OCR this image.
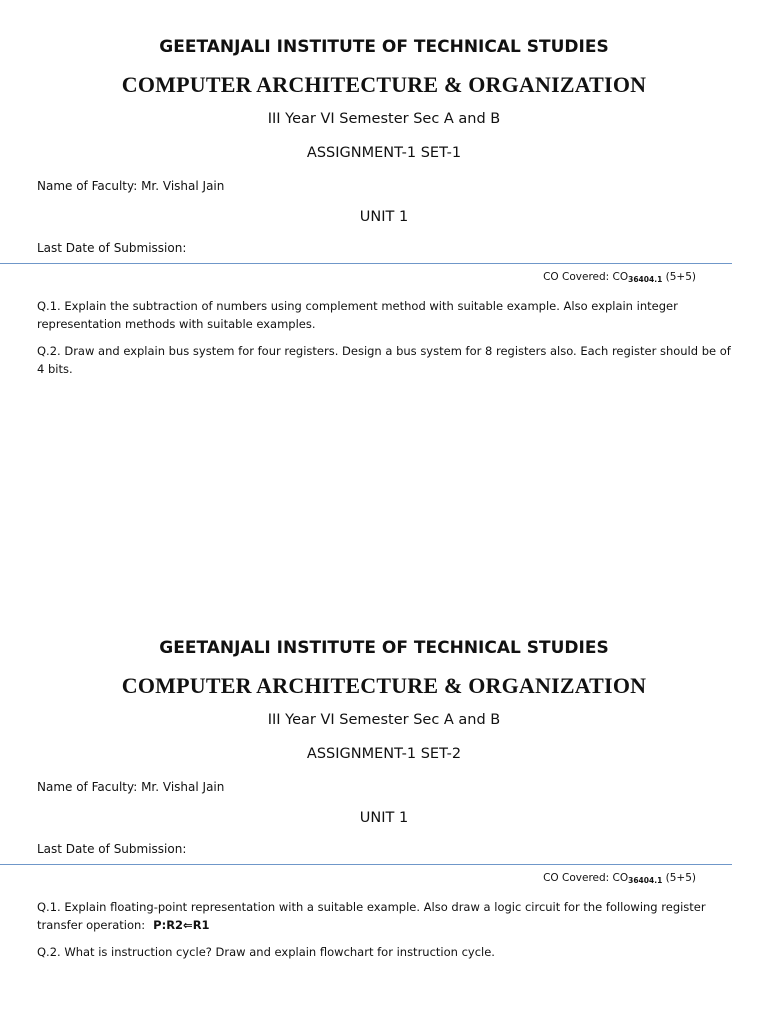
GEETANJALI INSTITUTE OF TECHNICAL STUDIES
COMPUTER ARCHITECTURE & ORGANIZATION
III Year VI Semester Sec A and B
ASSIGNMENT-1 SET-1
Name of Faculty: Mr. Vishal Jain
UNIT 1
Last Date of Submission:
CO Covered: $CO_{36404.1}$ (5+5)
Q.1. Explain the subtraction of numbers using complement method with suitable example. Also explain integer representation methods with suitable examples.
Q.2. Draw and explain bus system for four registers. Design a bus system for 8 registers also. Each register should be of 4 bits.
GEETANJALI INSTITUTE OF TECHNICAL STUDIES
COMPUTER ARCHITECTURE & ORGANIZATION
III Year VI Semester Sec A and B
ASSIGNMENT-1 SET-2
Name of Faculty: Mr. Vishal Jain
UNIT 1
Last Date of Submission:
CO Covered: $CO_{36404.1}$ (5+5)
Q.1. Explain floating-point representation with a suitable example. Also draw a logic circuit for the following register transfer operation: P:R2⇐R1
Q.2. What is instruction cycle? Draw and explain flowchart for instruction cycle.
